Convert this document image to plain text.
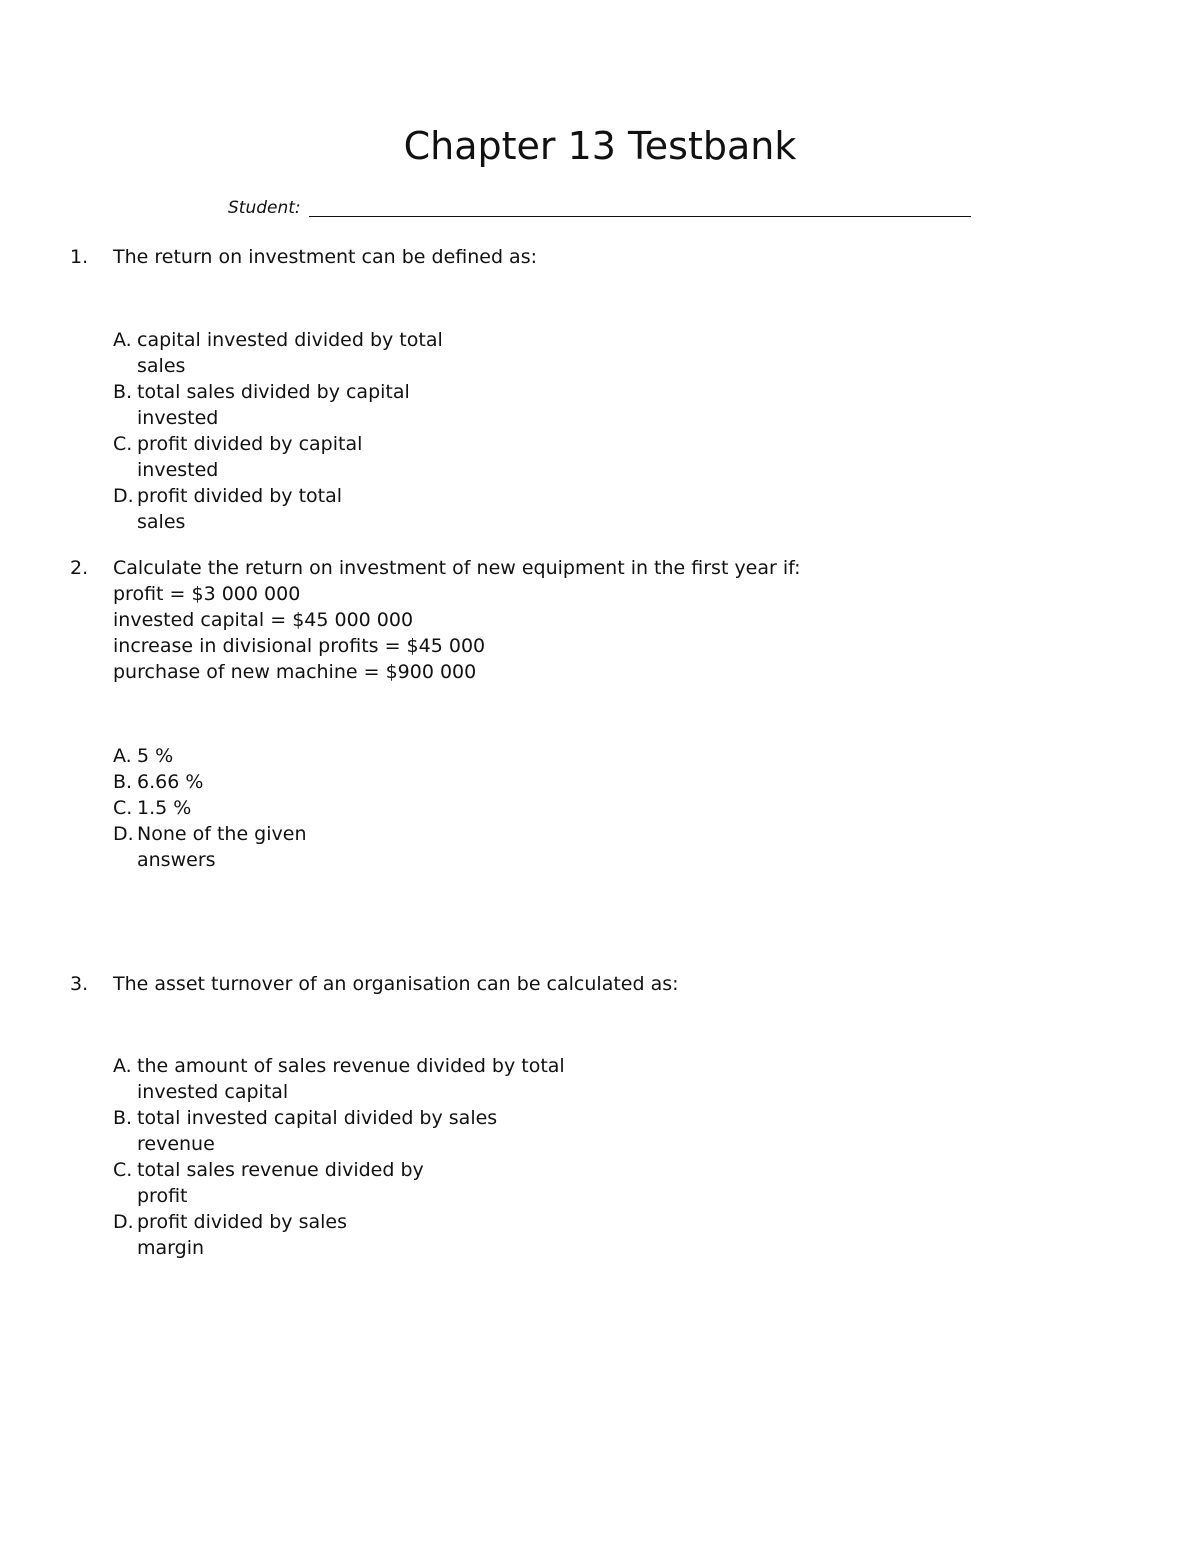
Chapter 13 Testbank
Student:
1. The return on investment can be defined as:
A. capital invested divided by total sales
B. total sales divided by capital invested
C. profit divided by capital invested
D. profit divided by total sales
2. Calculate the return on investment of new equipment in the first year if:
profit = $3 000 000
invested capital = $45 000 000
increase in divisional profits = $45 000
purchase of new machine = $900 000
A. 5 %
B. 6.66 %
C. 1.5 %
D. None of the given answers
3. The asset turnover of an organisation can be calculated as:
A. the amount of sales revenue divided by total invested capital
B. total invested capital divided by sales revenue
C. total sales revenue divided by profit
D. profit divided by sales margin
